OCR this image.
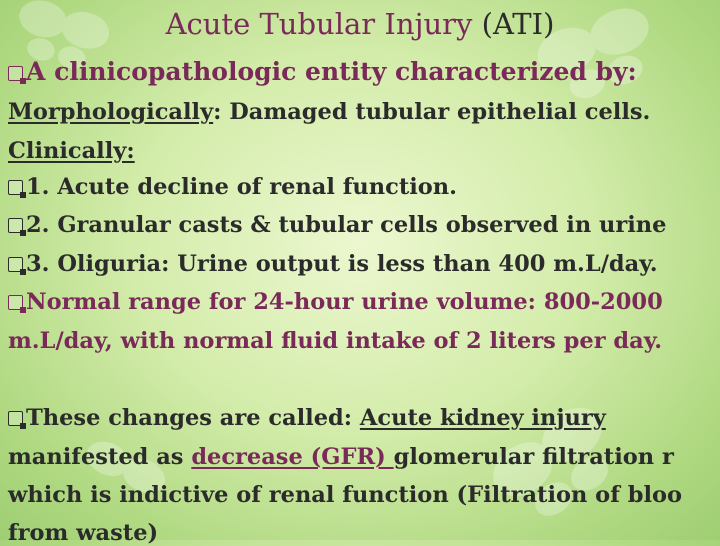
Acute Tubular Injury (ATI)
A clinicopathologic entity characterized by:
Morphologically: Damaged tubular epithelial cells.
Clinically:
1. Acute decline of renal function.
2. Granular casts & tubular cells observed in urine
3. Oliguria: Urine output is less than 400 m.L/day.
Normal range for 24-hour urine volume: 800-2000
m.L/day, with normal fluid intake of 2 liters per day.
These changes are called: Acute kidney injury
manifested as decrease (GFR) glomerular filtration r
which is indictive of renal function (Filtration of bloo
from waste)
